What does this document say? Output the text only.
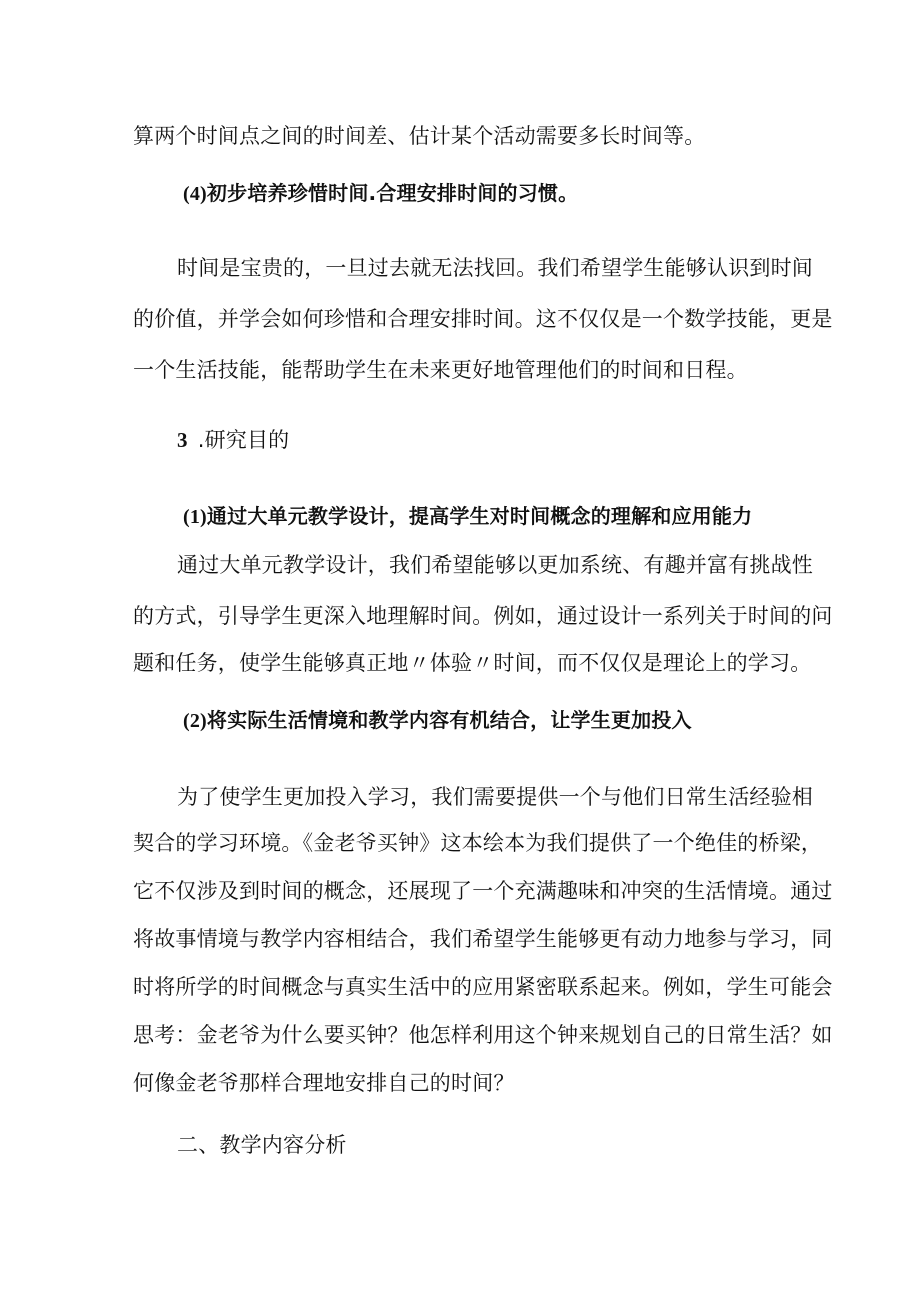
算两个时间点之间的时间差、估计某个活动需要多长时间等。
(4)初步培养珍惜时间.合理安排时间的习惯。
时间是宝贵的，一旦过去就无法找回。我们希望学生能够认识到时间
的价值，并学会如何珍惜和合理安排时间。这不仅仅是一个数学技能，更是
一个生活技能，能帮助学生在未来更好地管理他们的时间和日程。
3 .研究目的
(1)通过大单元教学设计，提高学生对时间概念的理解和应用能力
通过大单元教学设计，我们希望能够以更加系统、有趣并富有挑战性
的方式，引导学生更深入地理解时间。例如，通过设计一系列关于时间的问
题和任务，使学生能够真正地〃体验〃时间，而不仅仅是理论上的学习。
(2)将实际生活情境和教学内容有机结合，让学生更加投入
为了使学生更加投入学习，我们需要提供一个与他们日常生活经验相
契合的学习环境。《金老爷买钟》这本绘本为我们提供了一个绝佳的桥梁，
它不仅涉及到时间的概念，还展现了一个充满趣味和冲突的生活情境。通过
将故事情境与教学内容相结合，我们希望学生能够更有动力地参与学习，同
时将所学的时间概念与真实生活中的应用紧密联系起来。例如，学生可能会
思考：金老爷为什么要买钟？他怎样利用这个钟来规划自己的日常生活？如
何像金老爷那样合理地安排自己的时间？
二、教学内容分析
